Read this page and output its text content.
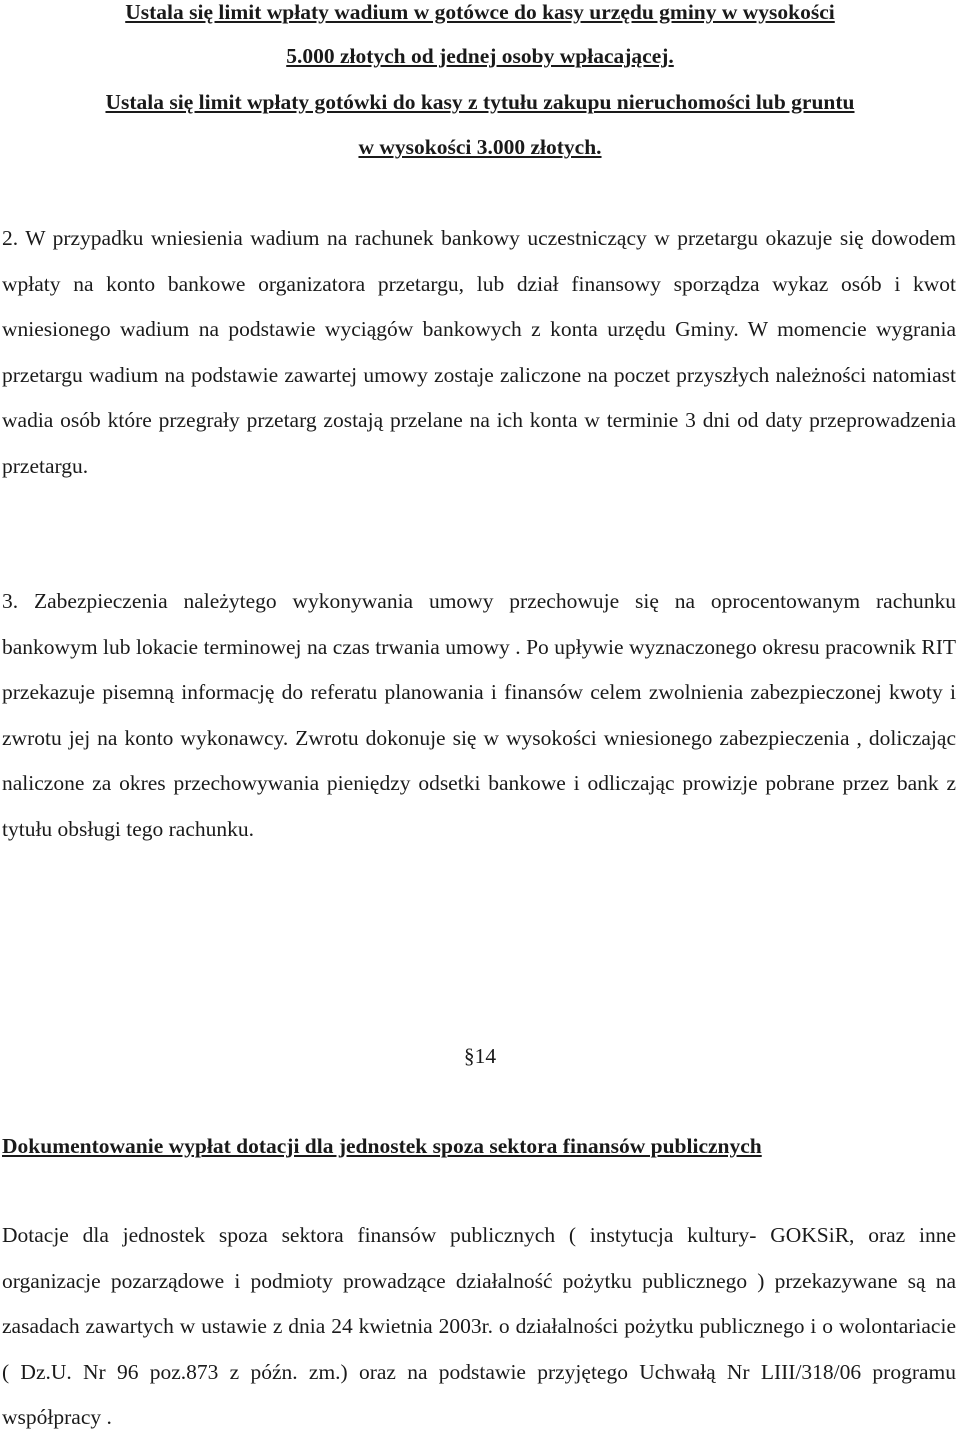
Ustala się limit wpłaty wadium w gotówce do kasy urzędu gminy w wysokości
5.000 złotych od jednej osoby wpłacającej.
Ustala się limit wpłaty gotówki do kasy z tytułu zakupu nieruchomości lub gruntu
w wysokości 3.000 złotych.

2. W przypadku wniesienia wadium na rachunek bankowy uczestniczący w przetargu okazuje się dowodem wpłaty na konto bankowe organizatora przetargu, lub dział finansowy sporządza wykaz osób i kwot wniesionego wadium na podstawie wyciągów bankowych z konta urzędu Gminy. W momencie wygrania przetargu wadium na podstawie zawartej umowy zostaje zaliczone na poczet przyszłych należności natomiast wadia osób które przegrały przetarg zostają przelane na ich konta w terminie 3 dni od daty przeprowadzenia przetargu.

3. Zabezpieczenia należytego wykonywania umowy przechowuje się na oprocentowanym rachunku bankowym lub lokacie terminowej na czas trwania umowy . Po upływie wyznaczonego okresu pracownik RIT przekazuje pisemną informację do referatu planowania i finansów celem zwolnienia zabezpieczonej kwoty i zwrotu jej na konto wykonawcy. Zwrotu dokonuje się w wysokości wniesionego zabezpieczenia , doliczając naliczone za okres przechowywania pieniędzy odsetki bankowe i odliczając prowizje pobrane przez bank z tytułu obsługi tego rachunku.

§14
Dokumentowanie wypłat dotacji dla jednostek spoza sektora finansów publicznych

Dotacje dla jednostek spoza sektora finansów publicznych ( instytucja kultury- GOKSiR, oraz inne organizacje pozarządowe i podmioty prowadzące działalność pożytku publicznego ) przekazywane są na zasadach zawartych w ustawie z dnia 24 kwietnia 2003r. o działalności pożytku publicznego i o wolontariacie ( Dz.U. Nr 96 poz.873 z późn. zm.) oraz na podstawie przyjętego Uchwałą Nr LIII/318/06 programu współpracy .
